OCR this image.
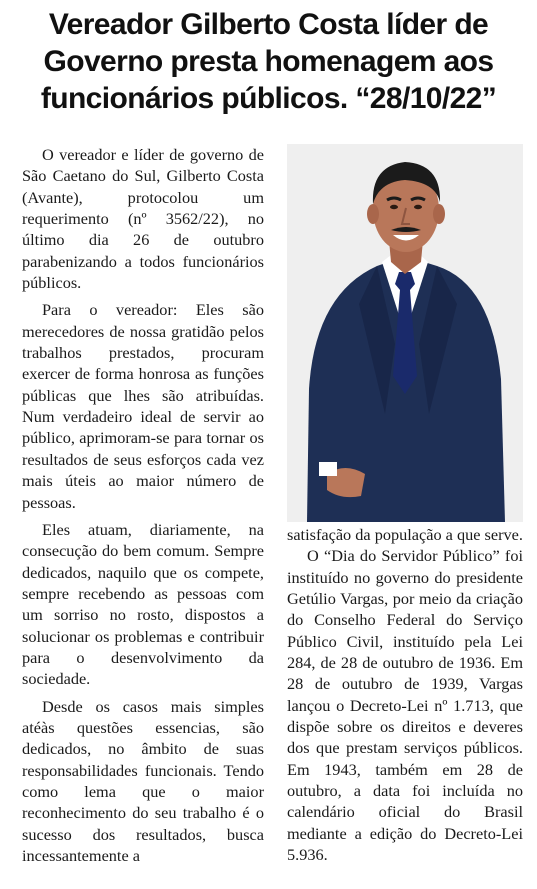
Vereador Gilberto Costa líder de Governo presta homenagem aos funcionários públicos. “28/10/22”

O vereador e líder de governo de São Caetano do Sul, Gilberto Costa (Avante), protocolou um requerimento (nº 3562/22), no último dia 26 de outubro parabenizando a todos funcionários públicos.

Para o vereador: Eles são merecedores de nossa gratidão pelos trabalhos prestados, procuram exercer de forma honrosa as funções públicas que lhes são atribuídas. Num verdadeiro ideal de servir ao público, aprimoram-se para tornar os resultados de seus esforços cada vez mais úteis ao maior número de pessoas.

Eles atuam, diariamente, na consecução do bem comum. Sempre dedicados, naquilo que os compete, sempre recebendo as pessoas com um sorriso no rosto, dispostos a solucionar os problemas e contribuir para o desenvolvimento da sociedade.

Desde os casos mais simples atéàs questões essencias, são dedicados, no âmbito de suas responsabilidades funcionais. Tendo como lema que o maior reconhecimento do seu trabalho é o sucesso dos resultados, busca incessantemente a

satisfação da população a que serve.

O “Dia do Servidor Público” foi instituído no governo do presidente Getúlio Vargas, por meio da criação do Conselho Federal do Serviço Público Civil, instituído pela Lei 284, de 28 de outubro de 1936. Em 28 de outubro de 1939, Vargas lançou o Decreto-Lei nº 1.713, que dispõe sobre os direitos e deveres dos que prestam serviços públicos. Em 1943, também em 28 de outubro, a data foi incluída no calendário oficial do Brasil mediante a edição do Decreto-Lei 5.936.
